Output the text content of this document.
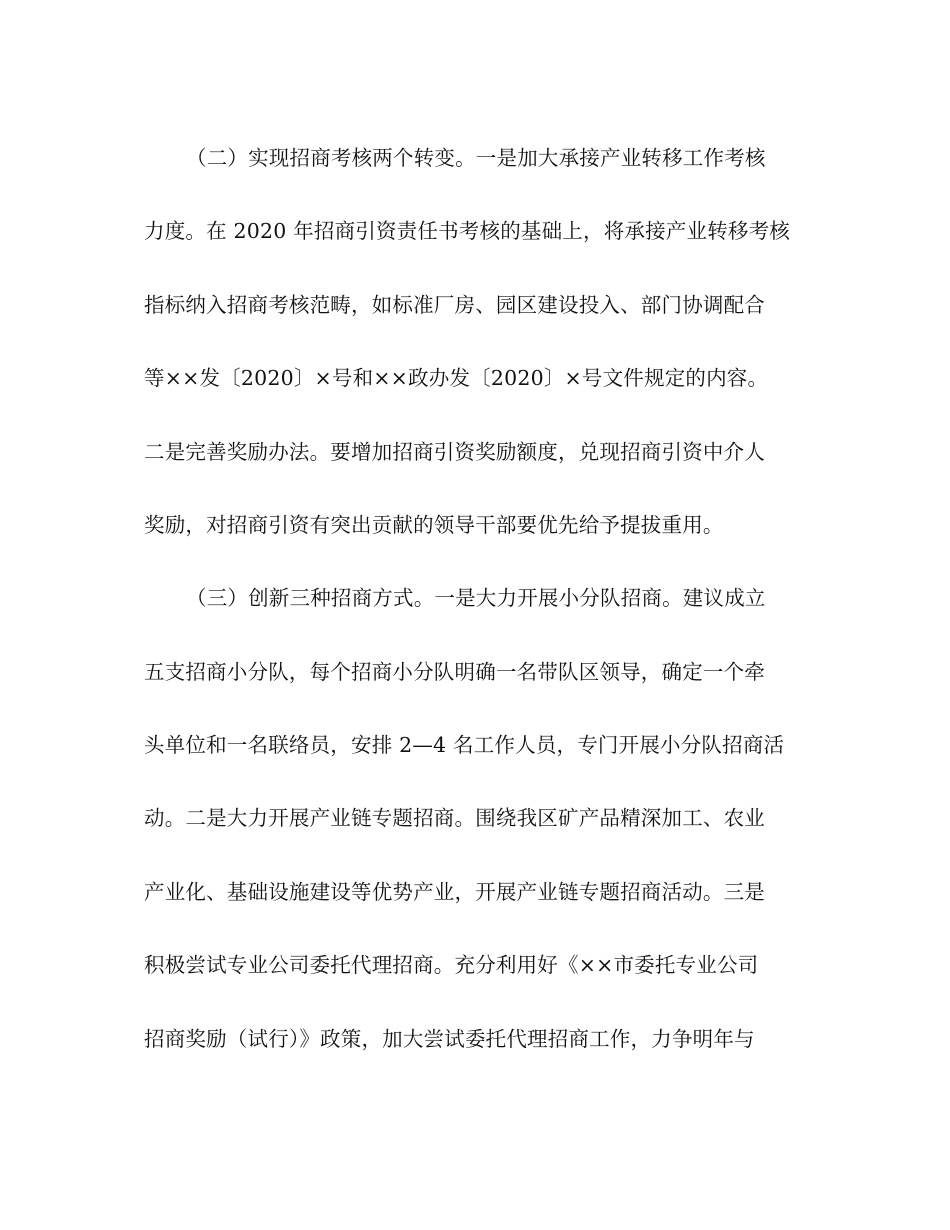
（二）实现招商考核两个转变。一是加大承接产业转移工作考核
力度。在 2020 年招商引资责任书考核的基础上，将承接产业转移考核
指标纳入招商考核范畴，如标准厂房、园区建设投入、部门协调配合
等××发〔2020〕×号和××政办发〔2020〕×号文件规定的内容。
二是完善奖励办法。要增加招商引资奖励额度，兑现招商引资中介人
奖励，对招商引资有突出贡献的领导干部要优先给予提拔重用。
（三）创新三种招商方式。一是大力开展小分队招商。建议成立
五支招商小分队，每个招商小分队明确一名带队区领导，确定一个牵
头单位和一名联络员，安排 2—4 名工作人员，专门开展小分队招商活
动。二是大力开展产业链专题招商。围绕我区矿产品精深加工、农业
产业化、基础设施建设等优势产业，开展产业链专题招商活动。三是
积极尝试专业公司委托代理招商。充分利用好《××市委托专业公司
招商奖励（试行）》政策，加大尝试委托代理招商工作，力争明年与
